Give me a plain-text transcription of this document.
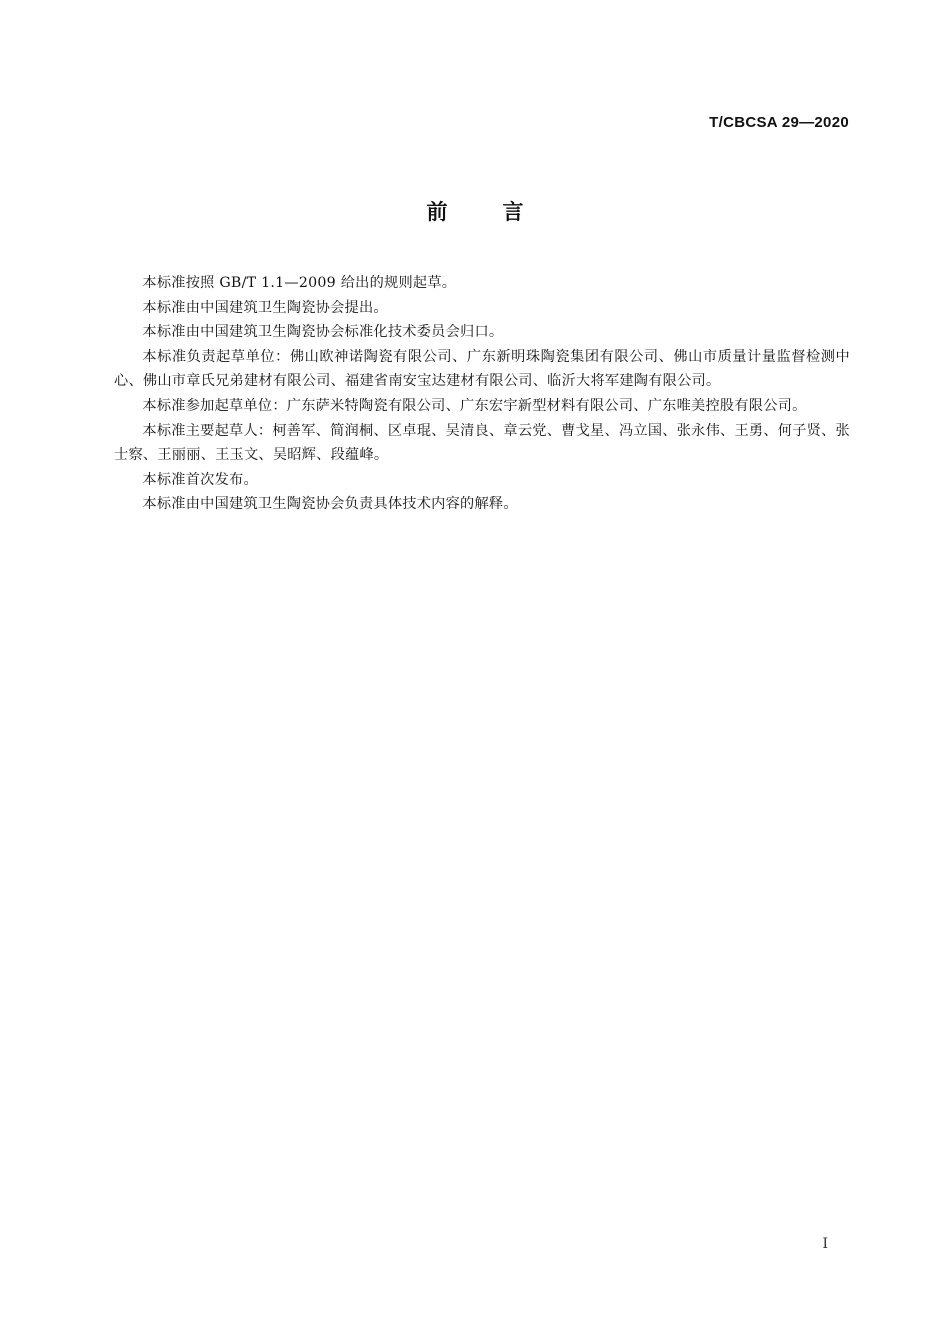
T/CBCSA 29—2020
前言

本标准按照 GB/T 1.1—2009 给出的规则起草。

本标准由中国建筑卫生陶瓷协会提出。

本标准由中国建筑卫生陶瓷协会标准化技术委员会归口。

本标准负责起草单位：佛山欧神诺陶瓷有限公司、广东新明珠陶瓷集团有限公司、佛山市质量计量监督检测中心、佛山市章氏兄弟建材有限公司、福建省南安宝达建材有限公司、临沂大将军建陶有限公司。

本标准参加起草单位：广东萨米特陶瓷有限公司、广东宏宇新型材料有限公司、广东唯美控股有限公司。

本标准主要起草人：柯善军、简润桐、区卓琨、吴清良、章云党、曹戈星、冯立国、张永伟、王勇、何子贤、张士察、王丽丽、王玉文、吴昭辉、段蕴峰。

本标准首次发布。

本标准由中国建筑卫生陶瓷协会负责具体技术内容的解释。

I
